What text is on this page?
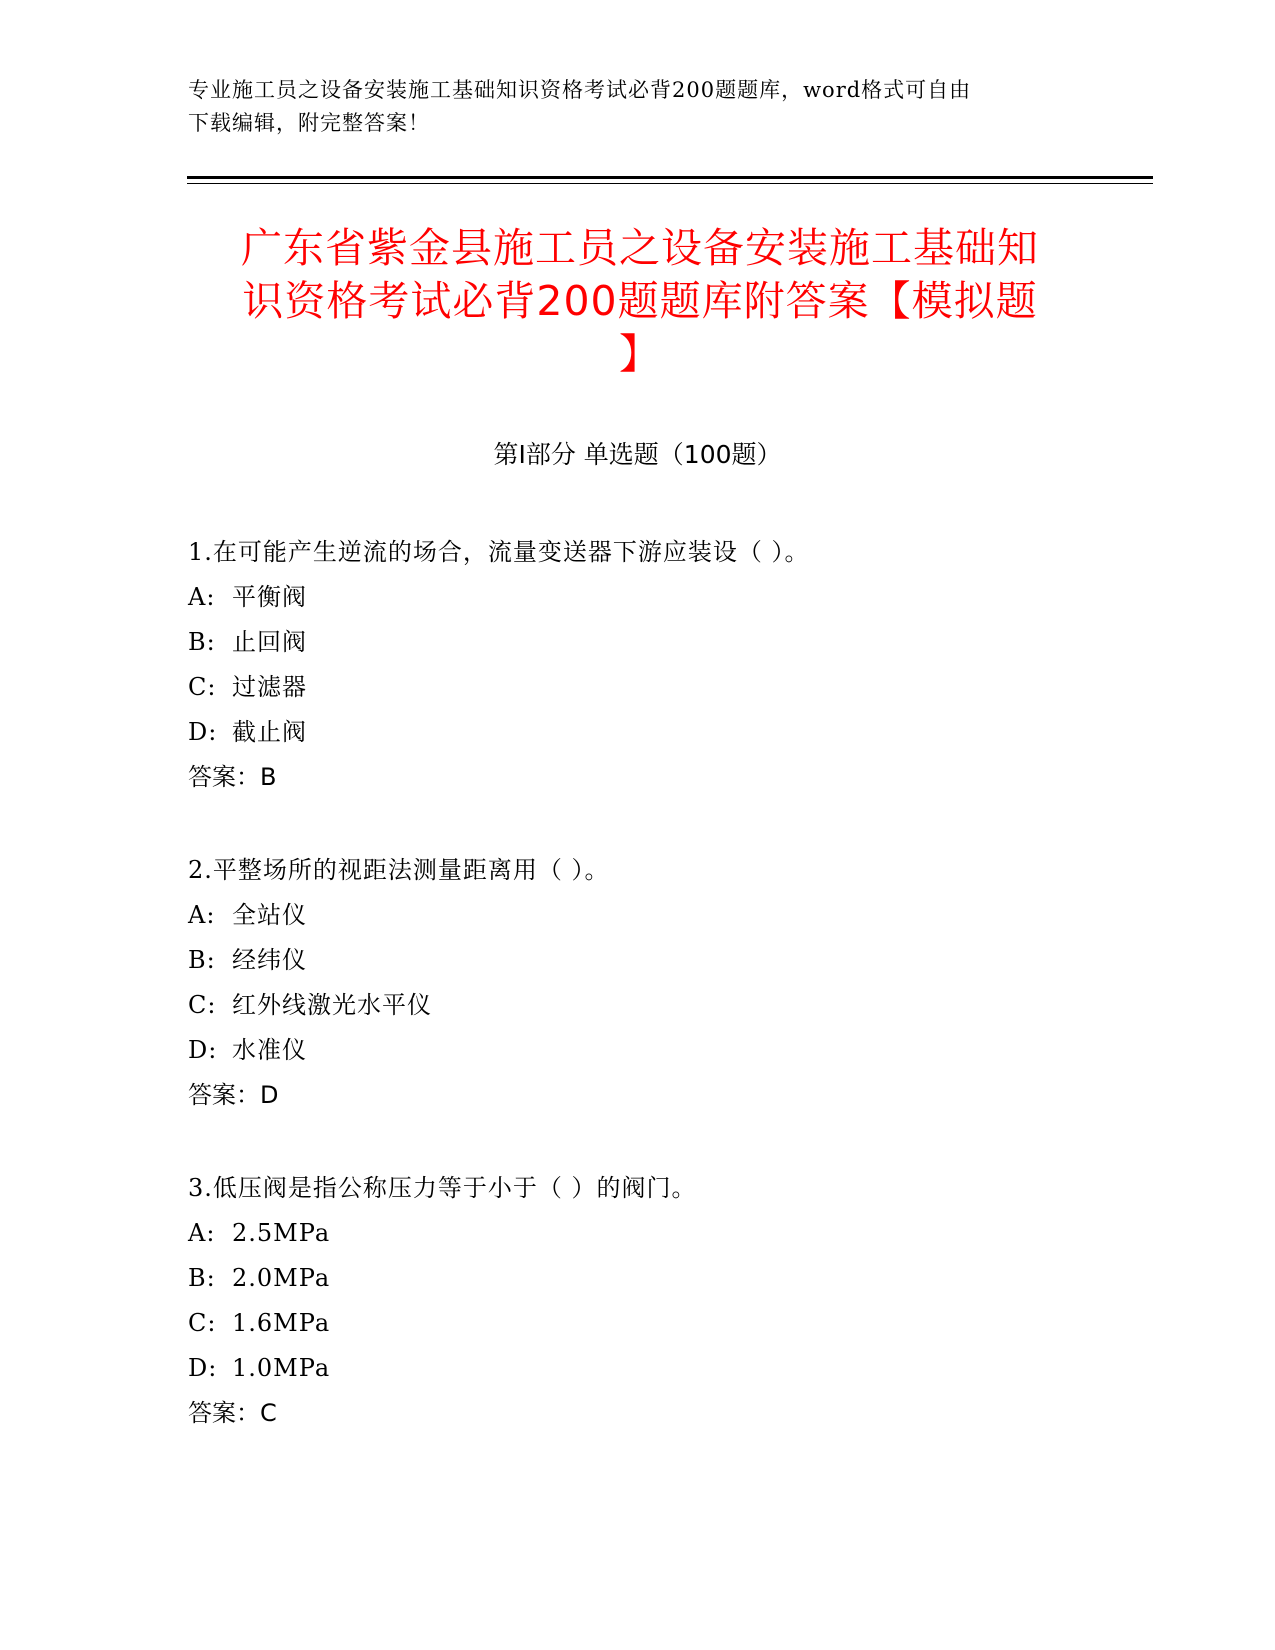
专业施工员之设备安装施工基础知识资格考试必背200题题库，word格式可自由
下载编辑，附完整答案！
广东省紫金县施工员之设备安装施工基础知
识资格考试必背200题题库附答案【模拟题
】
第Ⅰ部分 单选题（100题）
1.在可能产生逆流的场合，流量变送器下游应装设（ ）。
A: 平衡阀
B: 止回阀
C: 过滤器
D: 截止阀
答案：B
2.平整场所的视距法测量距离用（ ）。
A: 全站仪
B: 经纬仪
C: 红外线激光水平仪
D: 水准仪
答案：D
3.低压阀是指公称压力等于小于（ ）的阀门。
A: 2.5MPa
B: 2.0MPa
C: 1.6MPa
D: 1.0MPa
答案：C
